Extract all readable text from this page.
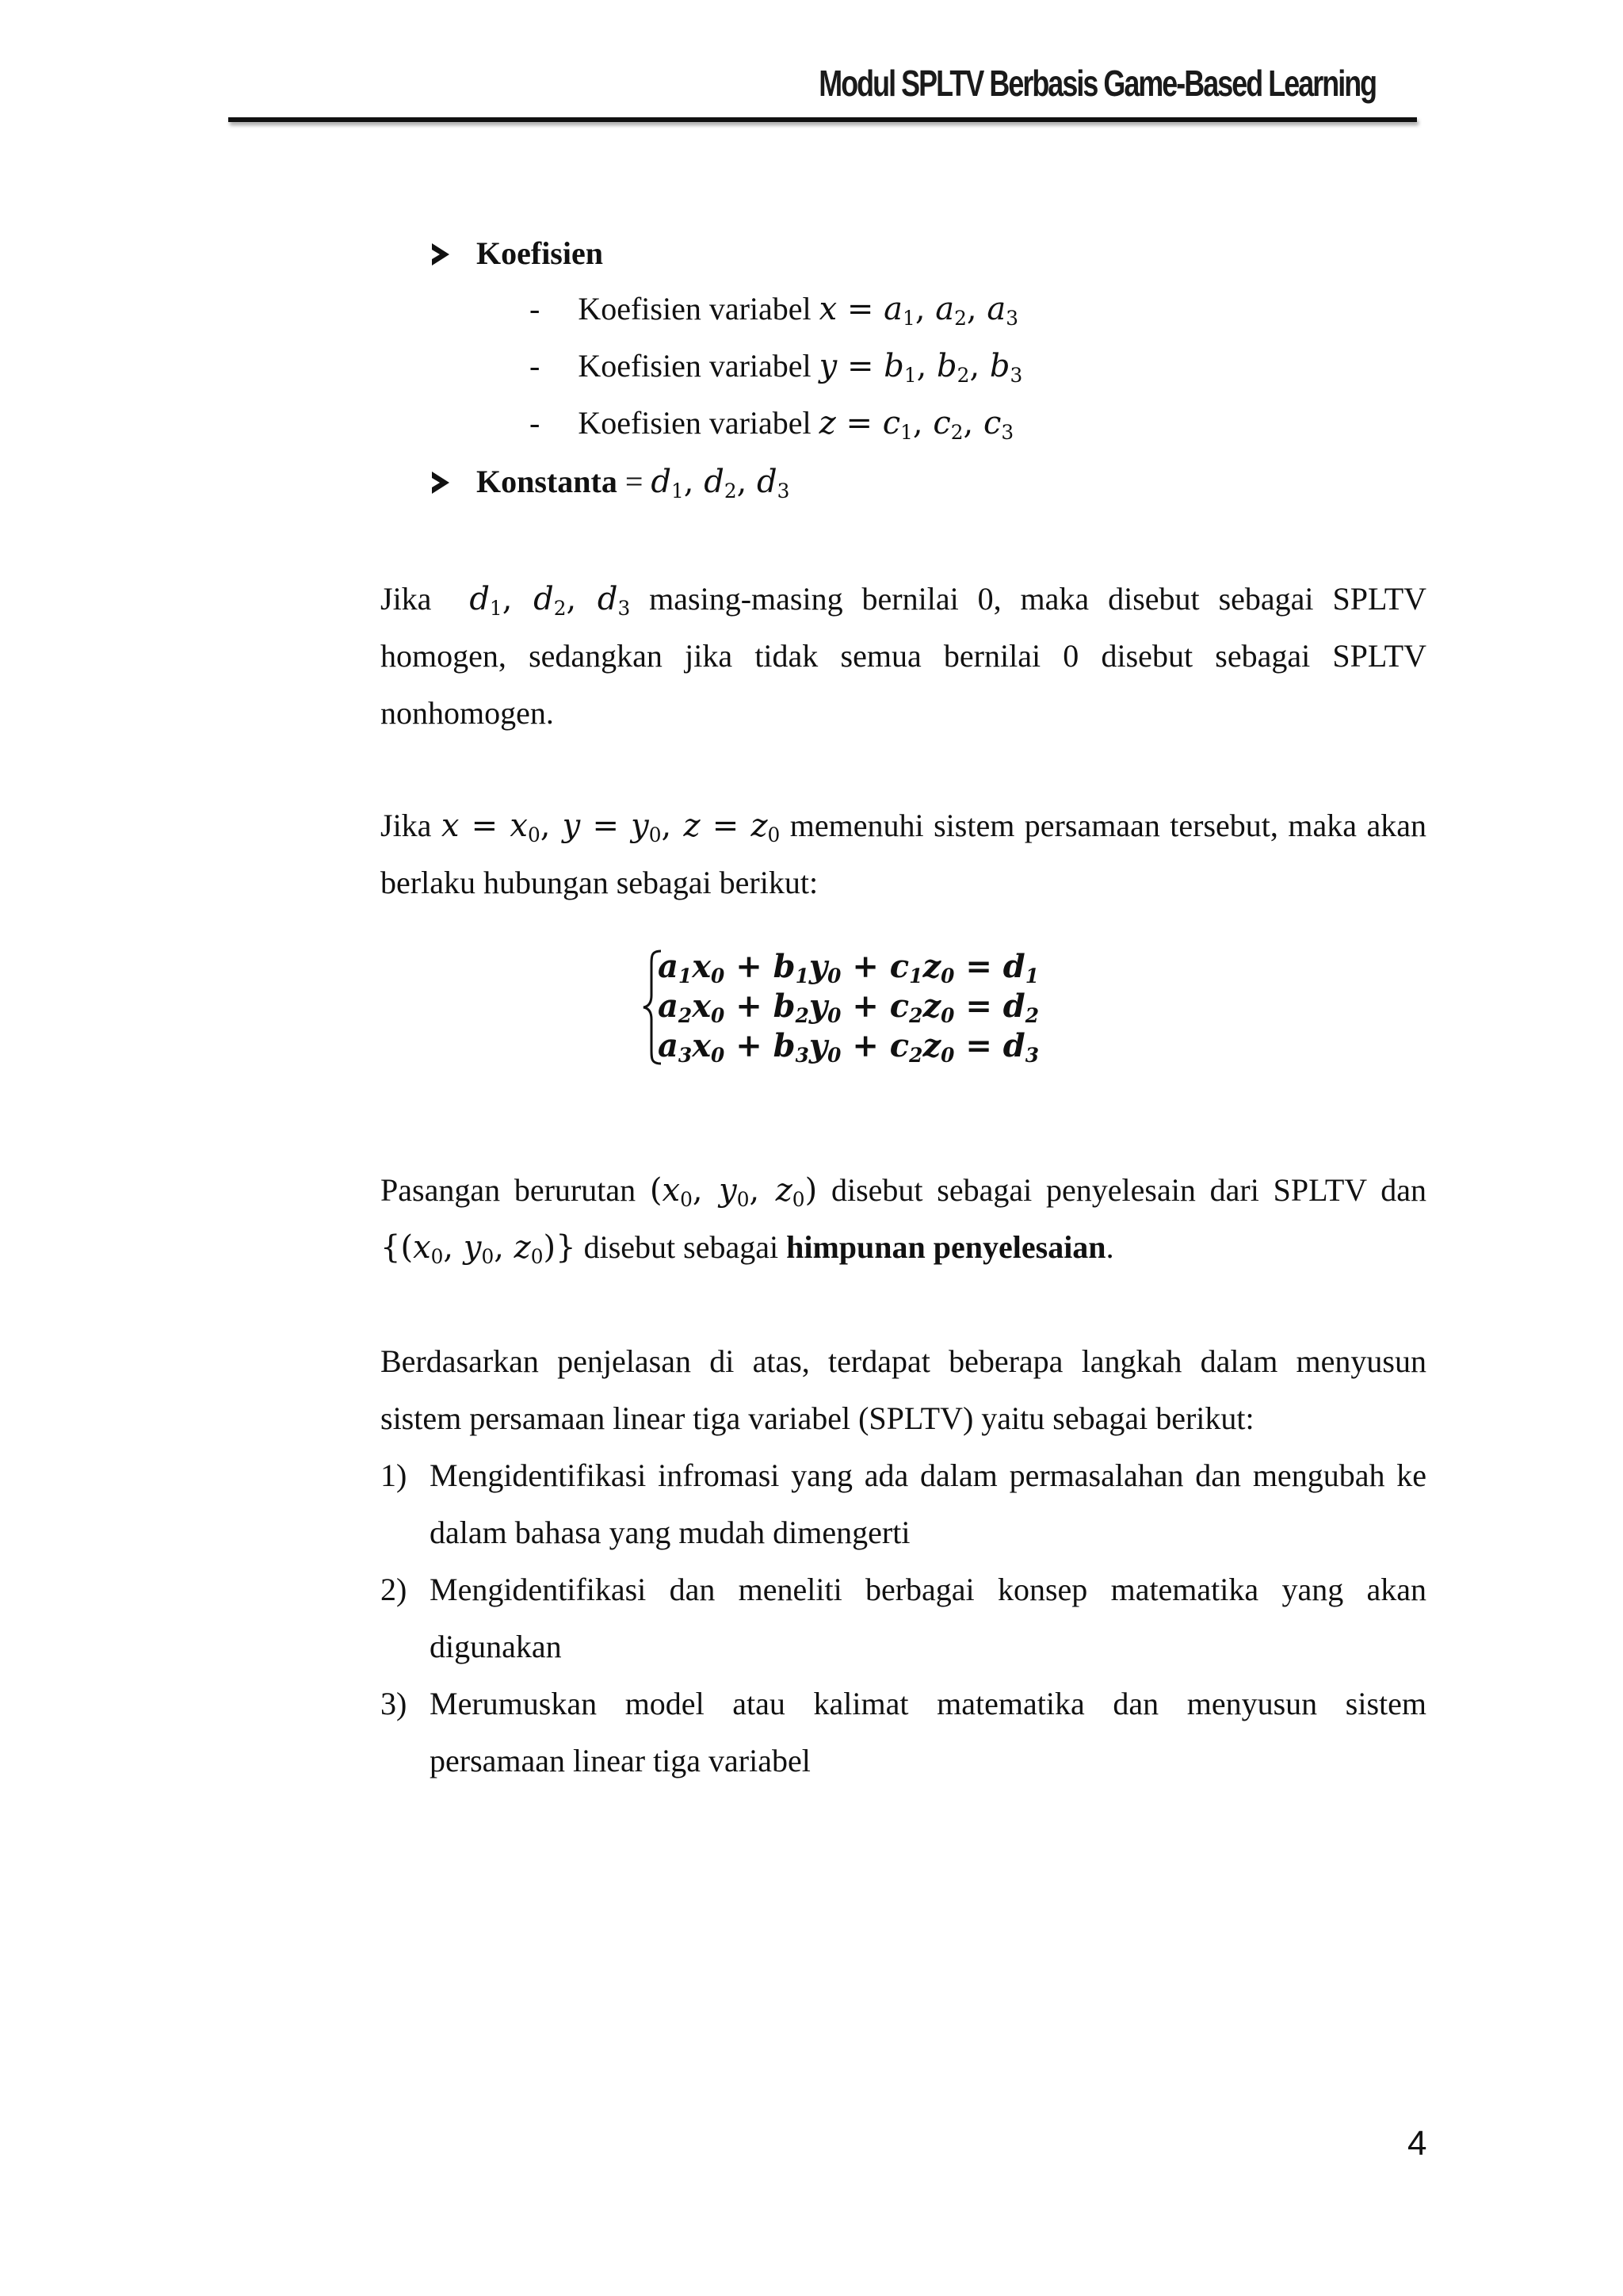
Modul SPLTV Berbasis Game-Based Learning
Koefisien
- Koefisien variabel $x = a_1$, $a_2$, $a_3$
- Koefisien variabel $y = b_1$, $b_2$, $b_3$
- Koefisien variabel $z = c_1$, $c_2$, $c_3$
Konstanta = $d_1$, $d_2$, $d_3$
Jika $d_1$, $d_2$, $d_3$ masing-masing bernilai 0, maka disebut sebagai SPLTV
homogen, sedangkan jika tidak semua bernilai 0 disebut sebagai SPLTV
nonhomogen.
Jika $x = x_0$, $y = y_0$, $z = z_0$ memenuhi sistem persamaan tersebut, maka akan
berlaku hubungan sebagai berikut:
$a_1x_0 + b_1y_0 + c_1z_0 = d_1$
$a_2x_0 + b_2y_0 + c_2z_0 = d_2$
$a_3x_0 + b_3y_0 + c_2z_0 = d_3$
Pasangan berurutan ($x_0$, $y_0$, $z_0$) disebut sebagai penyelesain dari SPLTV dan
{($x_0$, $y_0$, $z_0$)} disebut sebagai himpunan penyelesaian.
Berdasarkan penjelasan di atas, terdapat beberapa langkah dalam menyusun
sistem persamaan linear tiga variabel (SPLTV) yaitu sebagai berikut:
1) Mengidentifikasi infromasi yang ada dalam permasalahan dan mengubah ke
dalam bahasa yang mudah dimengerti
2) Mengidentifikasi dan meneliti berbagai konsep matematika yang akan
digunakan
3) Merumuskan model atau kalimat matematika dan menyusun sistem
persamaan linear tiga variabel
4
